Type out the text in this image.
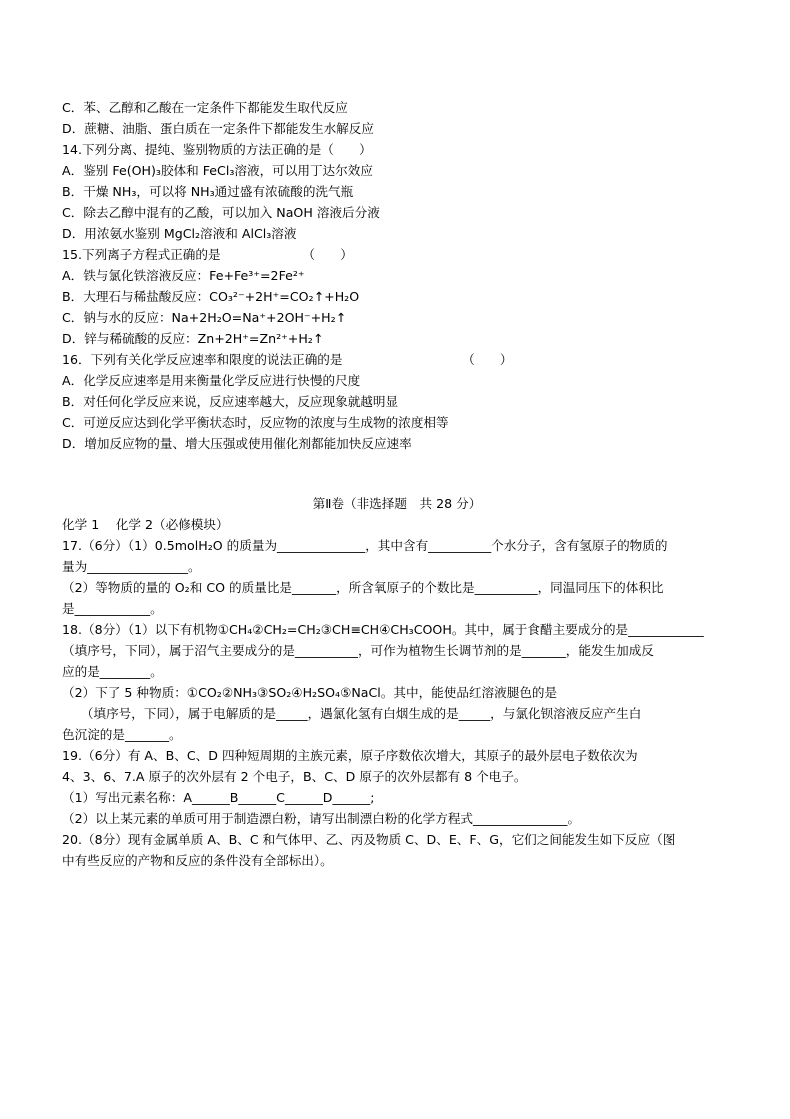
C．苯、乙醇和乙酸在一定条件下都能发生取代反应
D．蔗糖、油脂、蛋白质在一定条件下都能发生水解反应
14.下列分离、提纯、鉴别物质的方法正确的是（　　）
A．鉴别 Fe(OH)₃胶体和 FeCl₃溶液，可以用丁达尔效应
B．干燥 NH₃，可以将 NH₃通过盛有浓硫酸的洗气瓶
C．除去乙醇中混有的乙酸，可以加入 NaOH 溶液后分液
D．用浓氨水鉴别 MgCl₂溶液和 AlCl₃溶液
15.下列离子方程式正确的是　　　　　　　（　　）
A．铁与氯化铁溶液反应：Fe+Fe³⁺=2Fe²⁺
B．大理石与稀盐酸反应：CO₃²⁻+2H⁺=CO₂↑+H₂O
C．钠与水的反应：Na+2H₂O=Na⁺+2OH⁻+H₂↑
D．锌与稀硫酸的反应：Zn+2H⁺=Zn²⁺+H₂↑
16．下列有关化学反应速率和限度的说法正确的是　　　　　　　　　　（　　）
A．化学反应速率是用来衡量化学反应进行快慢的尺度
B．对任何化学反应来说，反应速率越大，反应现象就越明显
C．可逆反应达到化学平衡状态时，反应物的浓度与生成物的浓度相等
D．增加反应物的量、增大压强或使用催化剂都能加快反应速率
第Ⅱ卷（非选择题　共 28 分）
化学 1　 化学 2（必修模块）
17.（6分）（1）0.5molH₂O 的质量为______________，其中含有__________个水分子，含有氢原子的物质的
量为________________。
（2）等物质的量的 O₂和 CO 的质量比是_______，所含氧原子的个数比是__________，同温同压下的体积比
是____________。
18.（8分）（1）以下有机物①CH₄②CH₂=CH₂③CH≡CH④CH₃COOH。其中，属于食醋主要成分的是____________
（填序号，下同），属于沼气主要成分的是__________，可作为植物生长调节剂的是_______，能发生加成反
应的是________。
（2）下了 5 种物质：①CO₂②NH₃③SO₂④H₂SO₄⑤NaCl。其中，能使品红溶液腿色的是
　　（填序号，下同），属于电解质的是_____，遇氯化氢有白烟生成的是_____，与氯化钡溶液反应产生白
色沉淀的是_______。
19.（6分）有 A、B、C、D 四种短周期的主族元素，原子序数依次增大，其原子的最外层电子数依次为
4、3、6、7.A 原子的次外层有 2 个电子，B、C、D 原子的次外层都有 8 个电子。
（1）写出元素名称：A______B______C______D______;
（2）以上某元素的单质可用于制造漂白粉，请写出制漂白粉的化学方程式_______________。
20.（8分）现有金属单质 A、B、C 和气体甲、乙、丙及物质 C、D、E、F、G，它们之间能发生如下反应（图
中有些反应的产物和反应的条件没有全部标出）。
